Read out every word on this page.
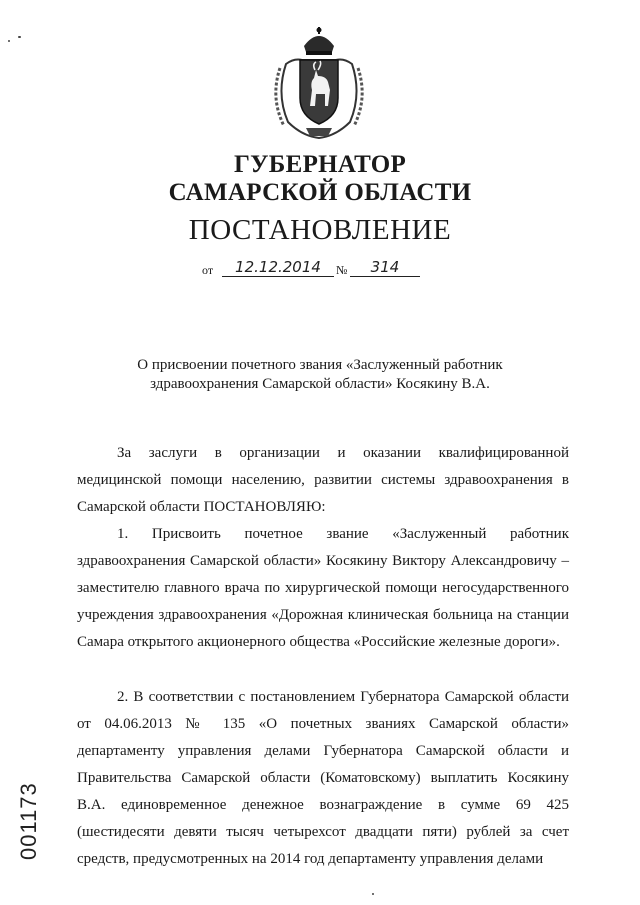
ГУБЕРНАТОР
САМАРСКОЙ ОБЛАСТИ
ПОСТАНОВЛЕНИЕ
от	12.12.2014	№	314
О присвоении почетного звания «Заслуженный работник
здравоохранения Самарской области» Косякину В.А.

За заслуги в организации и оказании квалифицированной медицинской помощи населению, развитии системы здравоохранения в Самарской области ПОСТАНОВЛЯЮ:

1. Присвоить почетное звание «Заслуженный работник здравоохранения Самарской области» Косякину Виктору Александровичу – заместителю главного врача по хирургической помощи негосударственного учреждения здравоохранения «Дорожная клиническая больница на станции Самара открытого акционерного общества «Российские железные дороги».

2. В соответствии с постановлением Губернатора Самарской области от 04.06.2013 № 135 «О почетных званиях Самарской области» департаменту управления делами Губернатора Самарской области и Правительства Самарской области (Коматовскому) выплатить Косякину В.А. единовременное денежное вознаграждение в сумме 69 425 (шестидесяти девяти тысяч четырехсот двадцати пяти) рублей за счет средств, предусмотренных на 2014 год департаменту управления делами

001173
